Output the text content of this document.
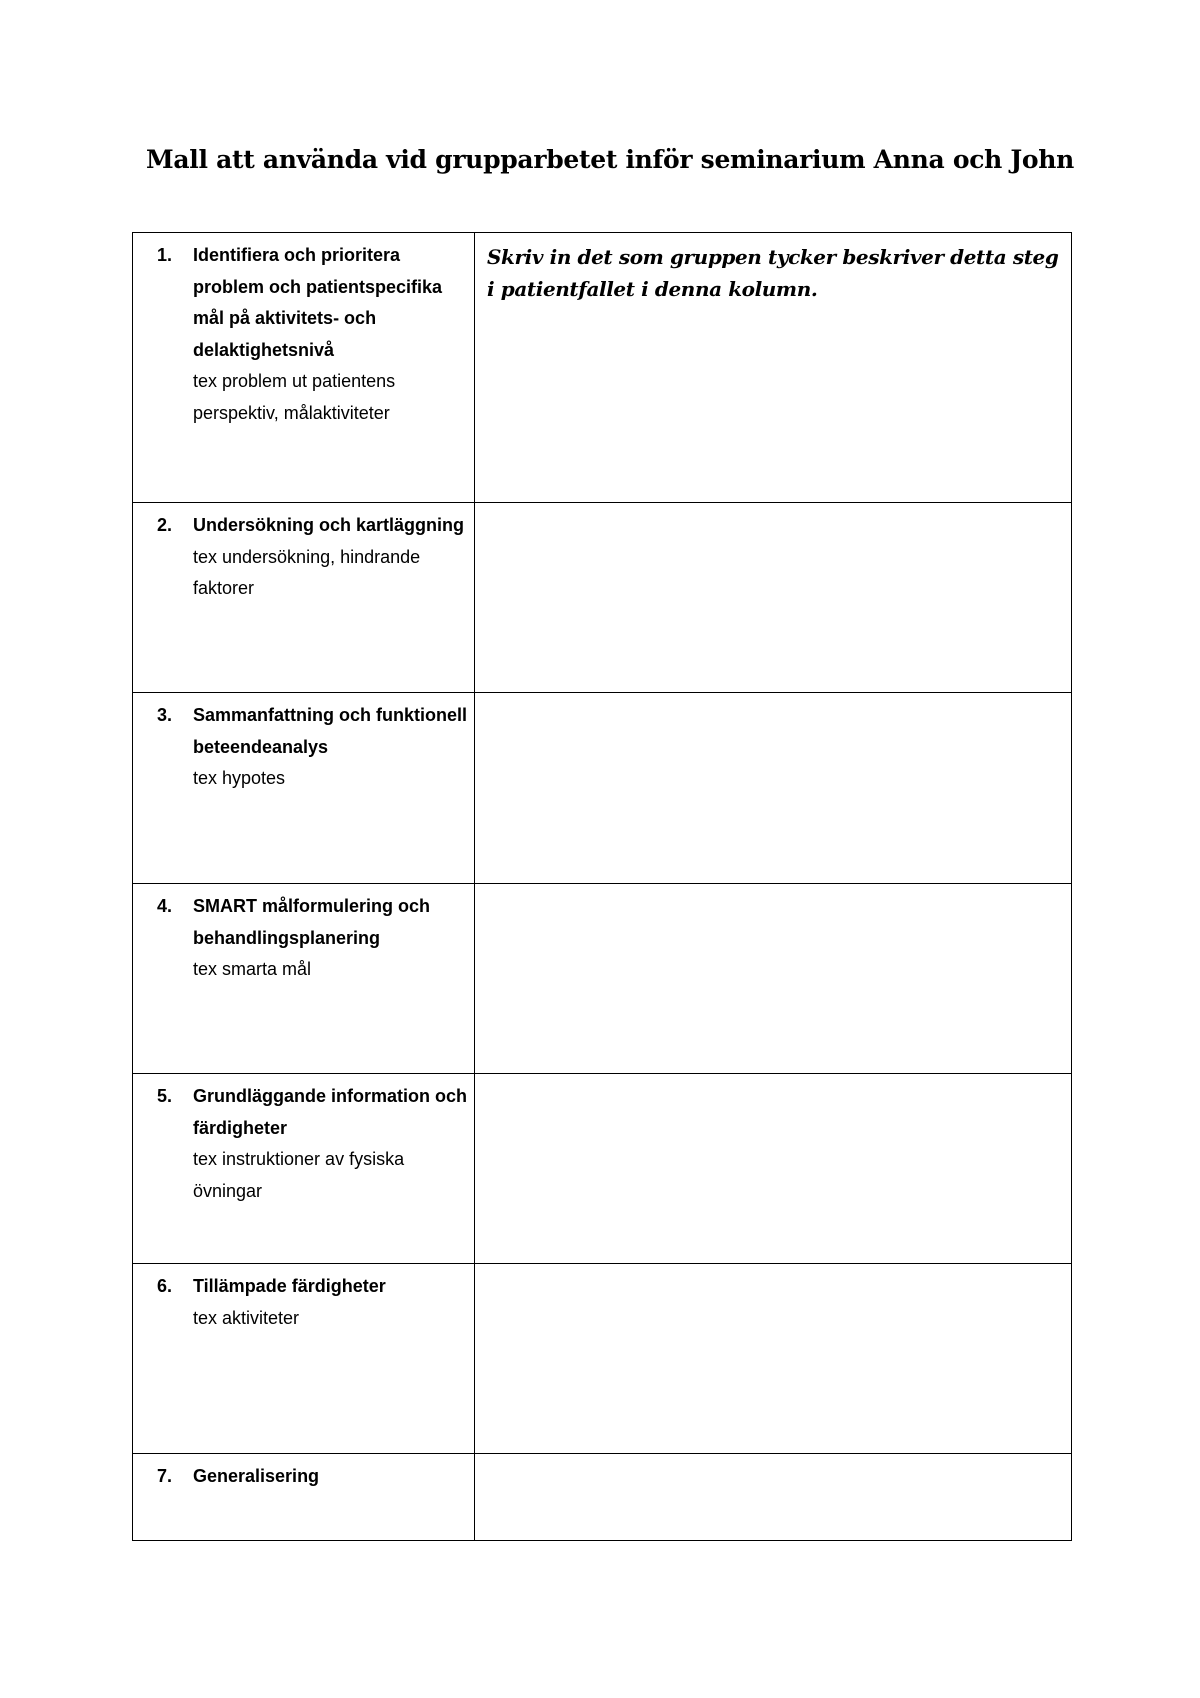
Mall att använda vid grupparbetet inför seminarium Anna och John
1. Identifiera och prioritera problem och patientspecifika mål på aktivitets- och delaktighetsnivå
tex problem ut patientens perspektiv, målaktiviteter	Skriv in det som gruppen tycker beskriver detta steg i patientfallet i denna kolumn.

2. Undersökning och kartläggning
tex undersökning, hindrande faktorer	

3. Sammanfattning och funktionell beteendeanalys
tex hypotes	

4. SMART målformulering och behandlingsplanering
tex smarta mål	

5. Grundläggande information och färdigheter
tex instruktioner av fysiska övningar	

6. Tillämpade färdigheter
tex aktiviteter	

7. Generalisering	
